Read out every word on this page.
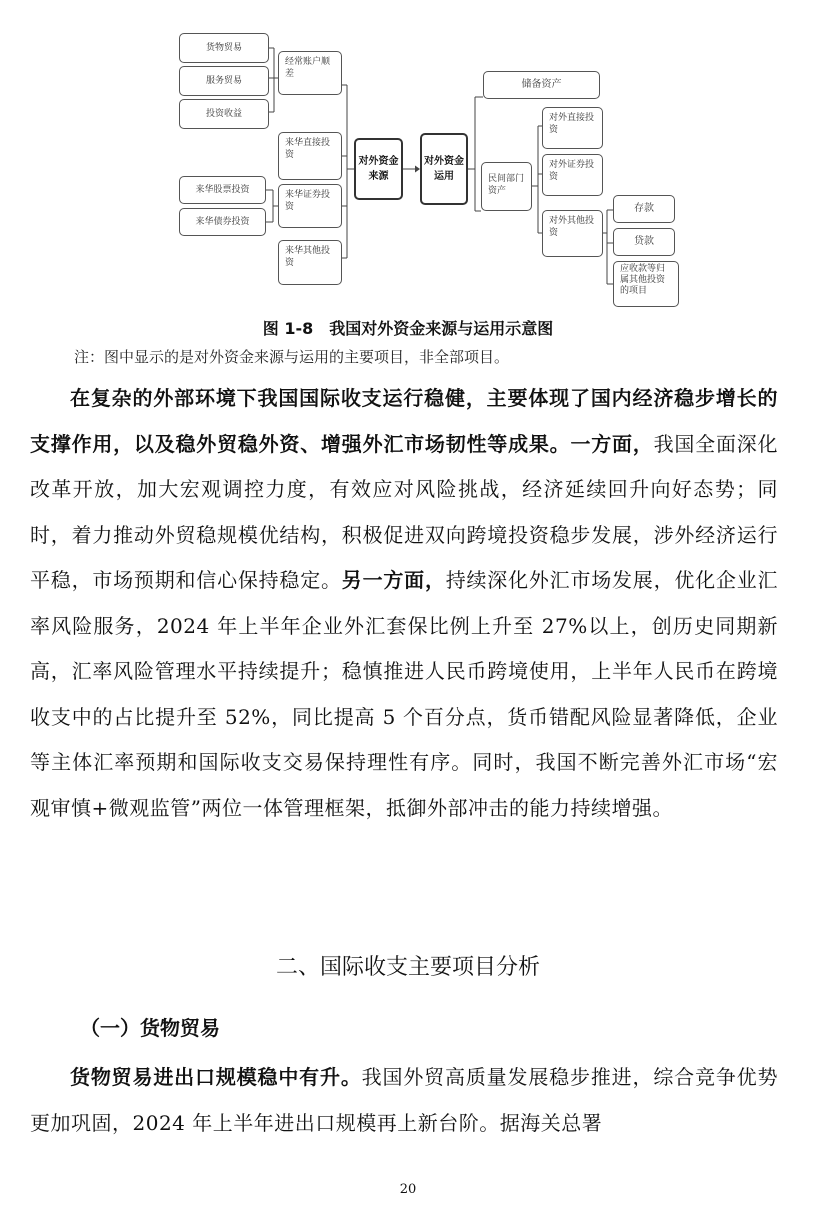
货物贸易
服务贸易
投资收益
经常账户顺差
来华直接投资
来华股票投资
来华债券投资
来华证券投资
来华其他投资
对外资金来源
对外资金运用
储备资产
民间部门资产
对外直接投资
对外证券投资
对外其他投资
存款
贷款
应收款等归属其他投资的项目
图 1-8　我国对外资金来源与运用示意图
注：图中显示的是对外资金来源与运用的主要项目，非全部项目。
在复杂的外部环境下我国国际收支运行稳健，主要体现了国内经济稳步增长的支撑作用，以及稳外贸稳外资、增强外汇市场韧性等成果。一方面，我国全面深化改革开放，加大宏观调控力度，有效应对风险挑战，经济延续回升向好态势；同时，着力推动外贸稳规模优结构，积极促进双向跨境投资稳步发展，涉外经济运行平稳，市场预期和信心保持稳定。另一方面，持续深化外汇市场发展，优化企业汇率风险服务，2024 年上半年企业外汇套保比例上升至 27%以上，创历史同期新高，汇率风险管理水平持续提升；稳慎推进人民币跨境使用，上半年人民币在跨境收支中的占比提升至 52%，同比提高 5 个百分点，货币错配风险显著降低，企业等主体汇率预期和国际收支交易保持理性有序。同时，我国不断完善外汇市场“宏观审慎+微观监管”两位一体管理框架，抵御外部冲击的能力持续增强。
二、国际收支主要项目分析
（一）货物贸易
货物贸易进出口规模稳中有升。我国外贸高质量发展稳步推进，综合竞争优势更加巩固，2024 年上半年进出口规模再上新台阶。据海关总署
20
